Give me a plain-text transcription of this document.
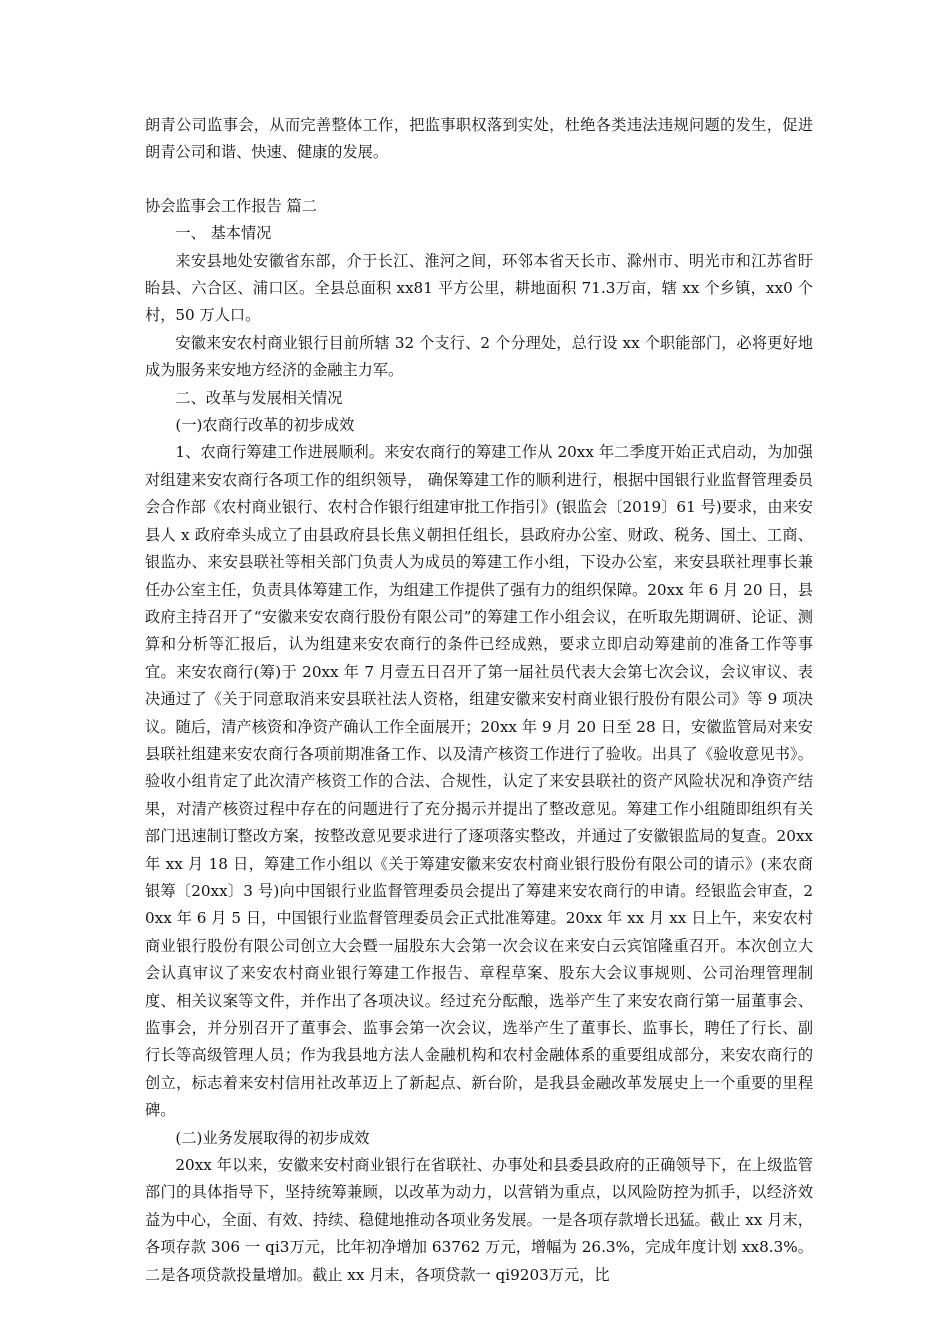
朗青公司监事会，从而完善整体工作，把监事职权落到实处，杜绝各类违法违规问题的发生，促进朗青公司和谐、快速、健康的发展。

协会监事会工作报告 篇二

一、 基本情况

来安县地处安徽省东部，介于长江、淮河之间，环邻本省天长市、滁州市、明光市和江苏省盱眙县、六合区、浦口区。全县总面积 xx81 平方公里，耕地面积 71.3万亩，辖 xx 个乡镇，xx0 个村，50 万人口。

安徽来安农村商业银行目前所辖 32 个支行、2 个分理处，总行设 xx 个职能部门，必将更好地成为服务来安地方经济的金融主力军。

二、改革与发展相关情况

(一)农商行改革的初步成效

1、农商行筹建工作进展顺利。来安农商行的筹建工作从 20xx 年二季度开始正式启动，为加强对组建来安农商行各项工作的组织领导， 确保筹建工作的顺利进行，根据中国银行业监督管理委员会合作部《农村商业银行、农村合作银行组建审批工作指引》(银监会〔2019〕61 号)要求，由来安县人 x 政府牵头成立了由县政府县长焦义朝担任组长，县政府办公室、财政、税务、国土、工商、银监办、来安县联社等相关部门负责人为成员的筹建工作小组，下设办公室，来安县联社理事长兼任办公室主任，负责具体筹建工作，为组建工作提供了强有力的组织保障。20xx 年 6 月 20 日，县政府主持召开了“安徽来安农商行股份有限公司”的筹建工作小组会议，在听取先期调研、论证、测算和分析等汇报后，认为组建来安农商行的条件已经成熟，要求立即启动筹建前的准备工作等事宜。来安农商行(筹)于 20xx 年 7 月壹五日召开了第一届社员代表大会第七次会议，会议审议、表决通过了《关于同意取消来安县联社法人资格，组建安徽来安村商业银行股份有限公司》等 9 项决议。随后，清产核资和净资产确认工作全面展开；20xx 年 9 月 20 日至 28 日，安徽监管局对来安县联社组建来安农商行各项前期准备工作、以及清产核资工作进行了验收。出具了《验收意见书》。验收小组肯定了此次清产核资工作的合法、合规性，认定了来安县联社的资产风险状况和净资产结果，对清产核资过程中存在的问题进行了充分揭示并提出了整改意见。筹建工作小组随即组织有关部门迅速制订整改方案，按整改意见要求进行了逐项落实整改，并通过了安徽银监局的复查。20xx 年 xx 月 18 日，筹建工作小组以《关于筹建安徽来安农村商业银行股份有限公司的请示》(来农商银筹〔20xx〕3 号)向中国银行业监督管理委员会提出了筹建来安农商行的申请。经银监会审查，20xx 年 6 月 5 日，中国银行业监督管理委员会正式批准筹建。20xx 年 xx 月 xx 日上午，来安农村商业银行股份有限公司创立大会暨一届股东大会第一次会议在来安白云宾馆隆重召开。本次创立大会认真审议了来安农村商业银行筹建工作报告、章程草案、股东大会议事规则、公司治理管理制度、相关议案等文件，并作出了各项决议。经过充分酝酿，选举产生了来安农商行第一届董事会、监事会，并分别召开了董事会、监事会第一次会议，选举产生了董事长、监事长，聘任了行长、副行长等高级管理人员；作为我县地方法人金融机构和农村金融体系的重要组成部分，来安农商行的创立，标志着来安村信用社改革迈上了新起点、新台阶，是我县金融改革发展史上一个重要的里程碑。

(二)业务发展取得的初步成效

20xx 年以来，安徽来安村商业银行在省联社、办事处和县委县政府的正确领导下，在上级监管部门的具体指导下，坚持统筹兼顾，以改革为动力，以营销为重点，以风险防控为抓手，以经济效益为中心，全面、有效、持续、稳健地推动各项业务发展。一是各项存款增长迅猛。截止 xx 月末，各项存款 306 一 qi3万元，比年初净增加 63762 万元，增幅为 26.3%，完成年度计划 xx8.3%。二是各项贷款投量增加。截止 xx 月末，各项贷款一 qi9203万元，比
